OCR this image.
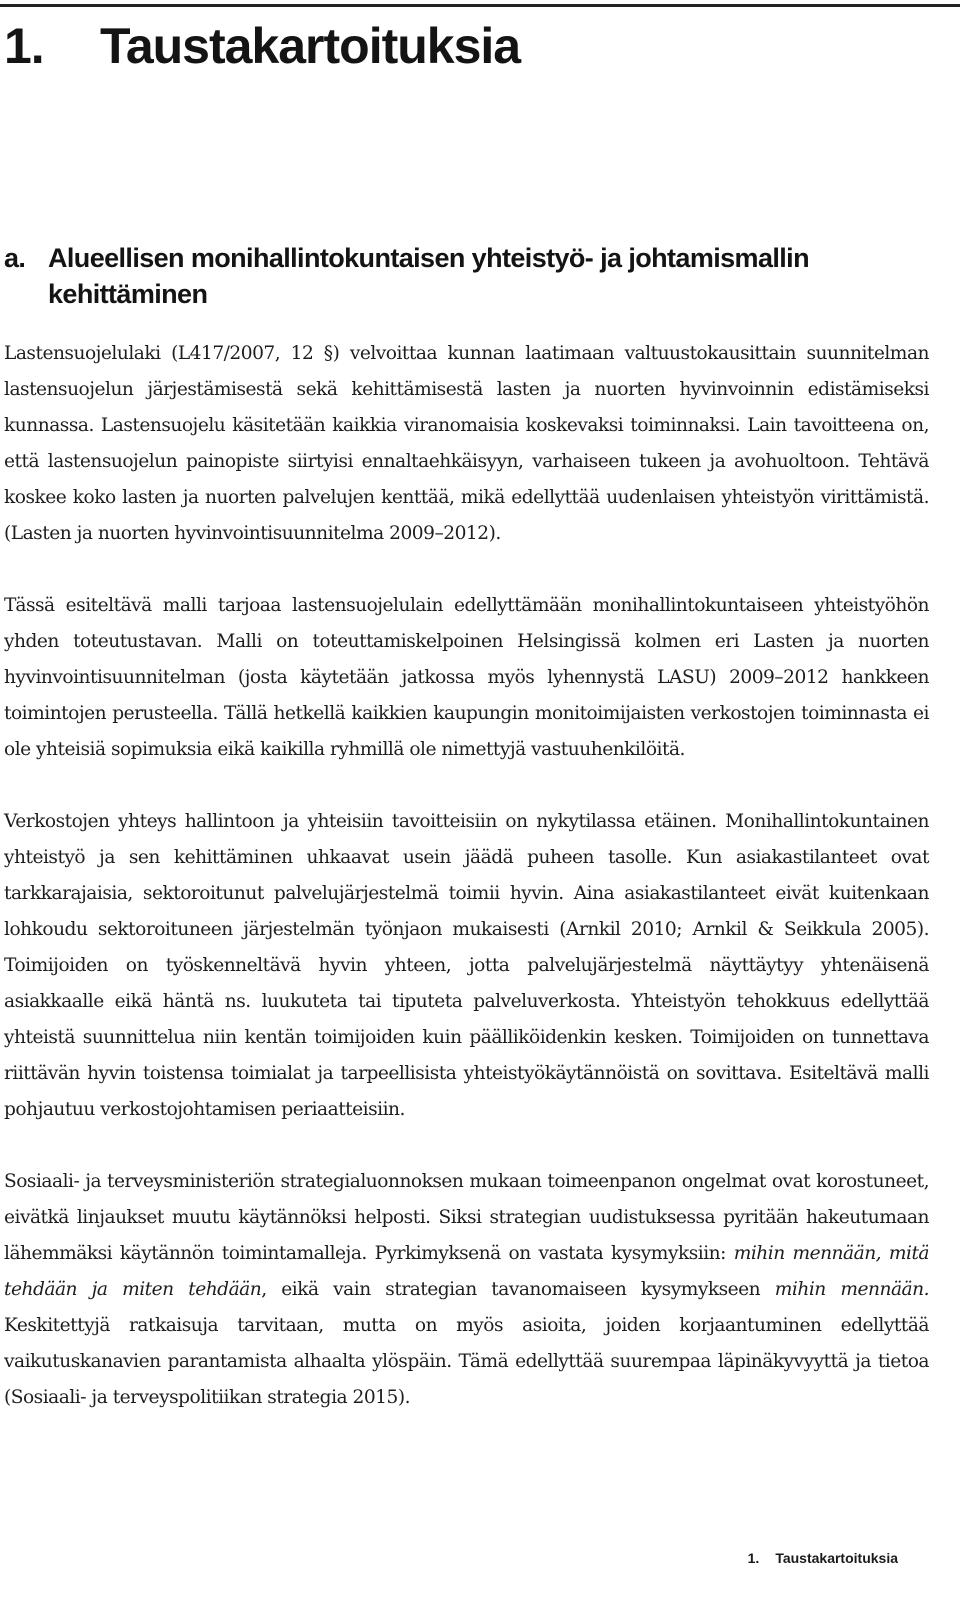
1.	Taustakartoituksia
a. Alueellisen monihallintokuntaisen yhteistyö- ja johtamismallin kehittäminen

Lastensuojelulaki (L417/2007, 12 §) velvoittaa kunnan laatimaan valtuustokausittain suunnitelman lastensuojelun järjestämisestä sekä kehittämisestä lasten ja nuorten hyvinvoinnin edistämiseksi kunnassa. Lastensuojelu käsitetään kaikkia viranomaisia koskevaksi toiminnaksi. Lain tavoitteena on, että lastensuojelun painopiste siirtyisi ennaltaehkäisyyn, varhaiseen tukeen ja avohuoltoon. Tehtävä koskee koko lasten ja nuorten palvelujen kenttää, mikä edellyttää uudenlaisen yhteistyön virittämistä. (Lasten ja nuorten hyvinvointisuunnitelma 2009–2012).

Tässä esiteltävä malli tarjoaa lastensuojelulain edellyttämään monihallintokuntaiseen yhteistyöhön yhden toteutustavan. Malli on toteuttamiskelpoinen Helsingissä kolmen eri Lasten ja nuorten hyvinvointisuunnitelman (josta käytetään jatkossa myös lyhennystä LASU) 2009–2012 hankkeen toimintojen perusteella. Tällä hetkellä kaikkien kaupungin monitoimijaisten verkostojen toiminnasta ei ole yhteisiä sopimuksia eikä kaikilla ryhmillä ole nimettyjä vastuuhenkilöitä.

Verkostojen yhteys hallintoon ja yhteisiin tavoitteisiin on nykytilassa etäinen. Monihallintokuntainen yhteistyö ja sen kehittäminen uhkaavat usein jäädä puheen tasolle. Kun asiakastilanteet ovat tarkkarajaisia, sektoroitunut palvelujärjestelmä toimii hyvin. Aina asiakastilanteet eivät kuitenkaan lohkoudu sektoroituneen järjestelmän työnjaon mukaisesti (Arnkil 2010; Arnkil & Seikkula 2005). Toimijoiden on työskenneltävä hyvin yhteen, jotta palvelujärjestelmä näyttäytyy yhtenäisenä asiakkaalle eikä häntä ns. luukuteta tai tiputeta palveluverkosta. Yhteistyön tehokkuus edellyttää yhteistä suunnittelua niin kentän toimijoiden kuin päälliköidenkin kesken. Toimijoiden on tunnettava riittävän hyvin toistensa toimialat ja tarpeellisista yhteistyökäytännöistä on sovittava. Esiteltävä malli pohjautuu verkostojohtamisen periaatteisiin.

Sosiaali- ja terveysministeriön strategialuonnoksen mukaan toimeenpanon ongelmat ovat korostuneet, eivätkä linjaukset muutu käytännöksi helposti. Siksi strategian uudistuksessa pyritään hakeutumaan lähemmäksi käytännön toimintamalleja. Pyrkimyksenä on vastata kysymyksiin: mihin mennään, mitä tehdään ja miten tehdään, eikä vain strategian tavanomaiseen kysymykseen mihin mennään. Keskitettyjä ratkaisuja tarvitaan, mutta on myös asioita, joiden korjaantuminen edellyttää vaikutuskanavien parantamista alhaalta ylöspäin. Tämä edellyttää suurempaa läpinäkyvyyttä ja tietoa (Sosiaali- ja terveyspolitiikan strategia 2015).

1. Taustakartoituksia
